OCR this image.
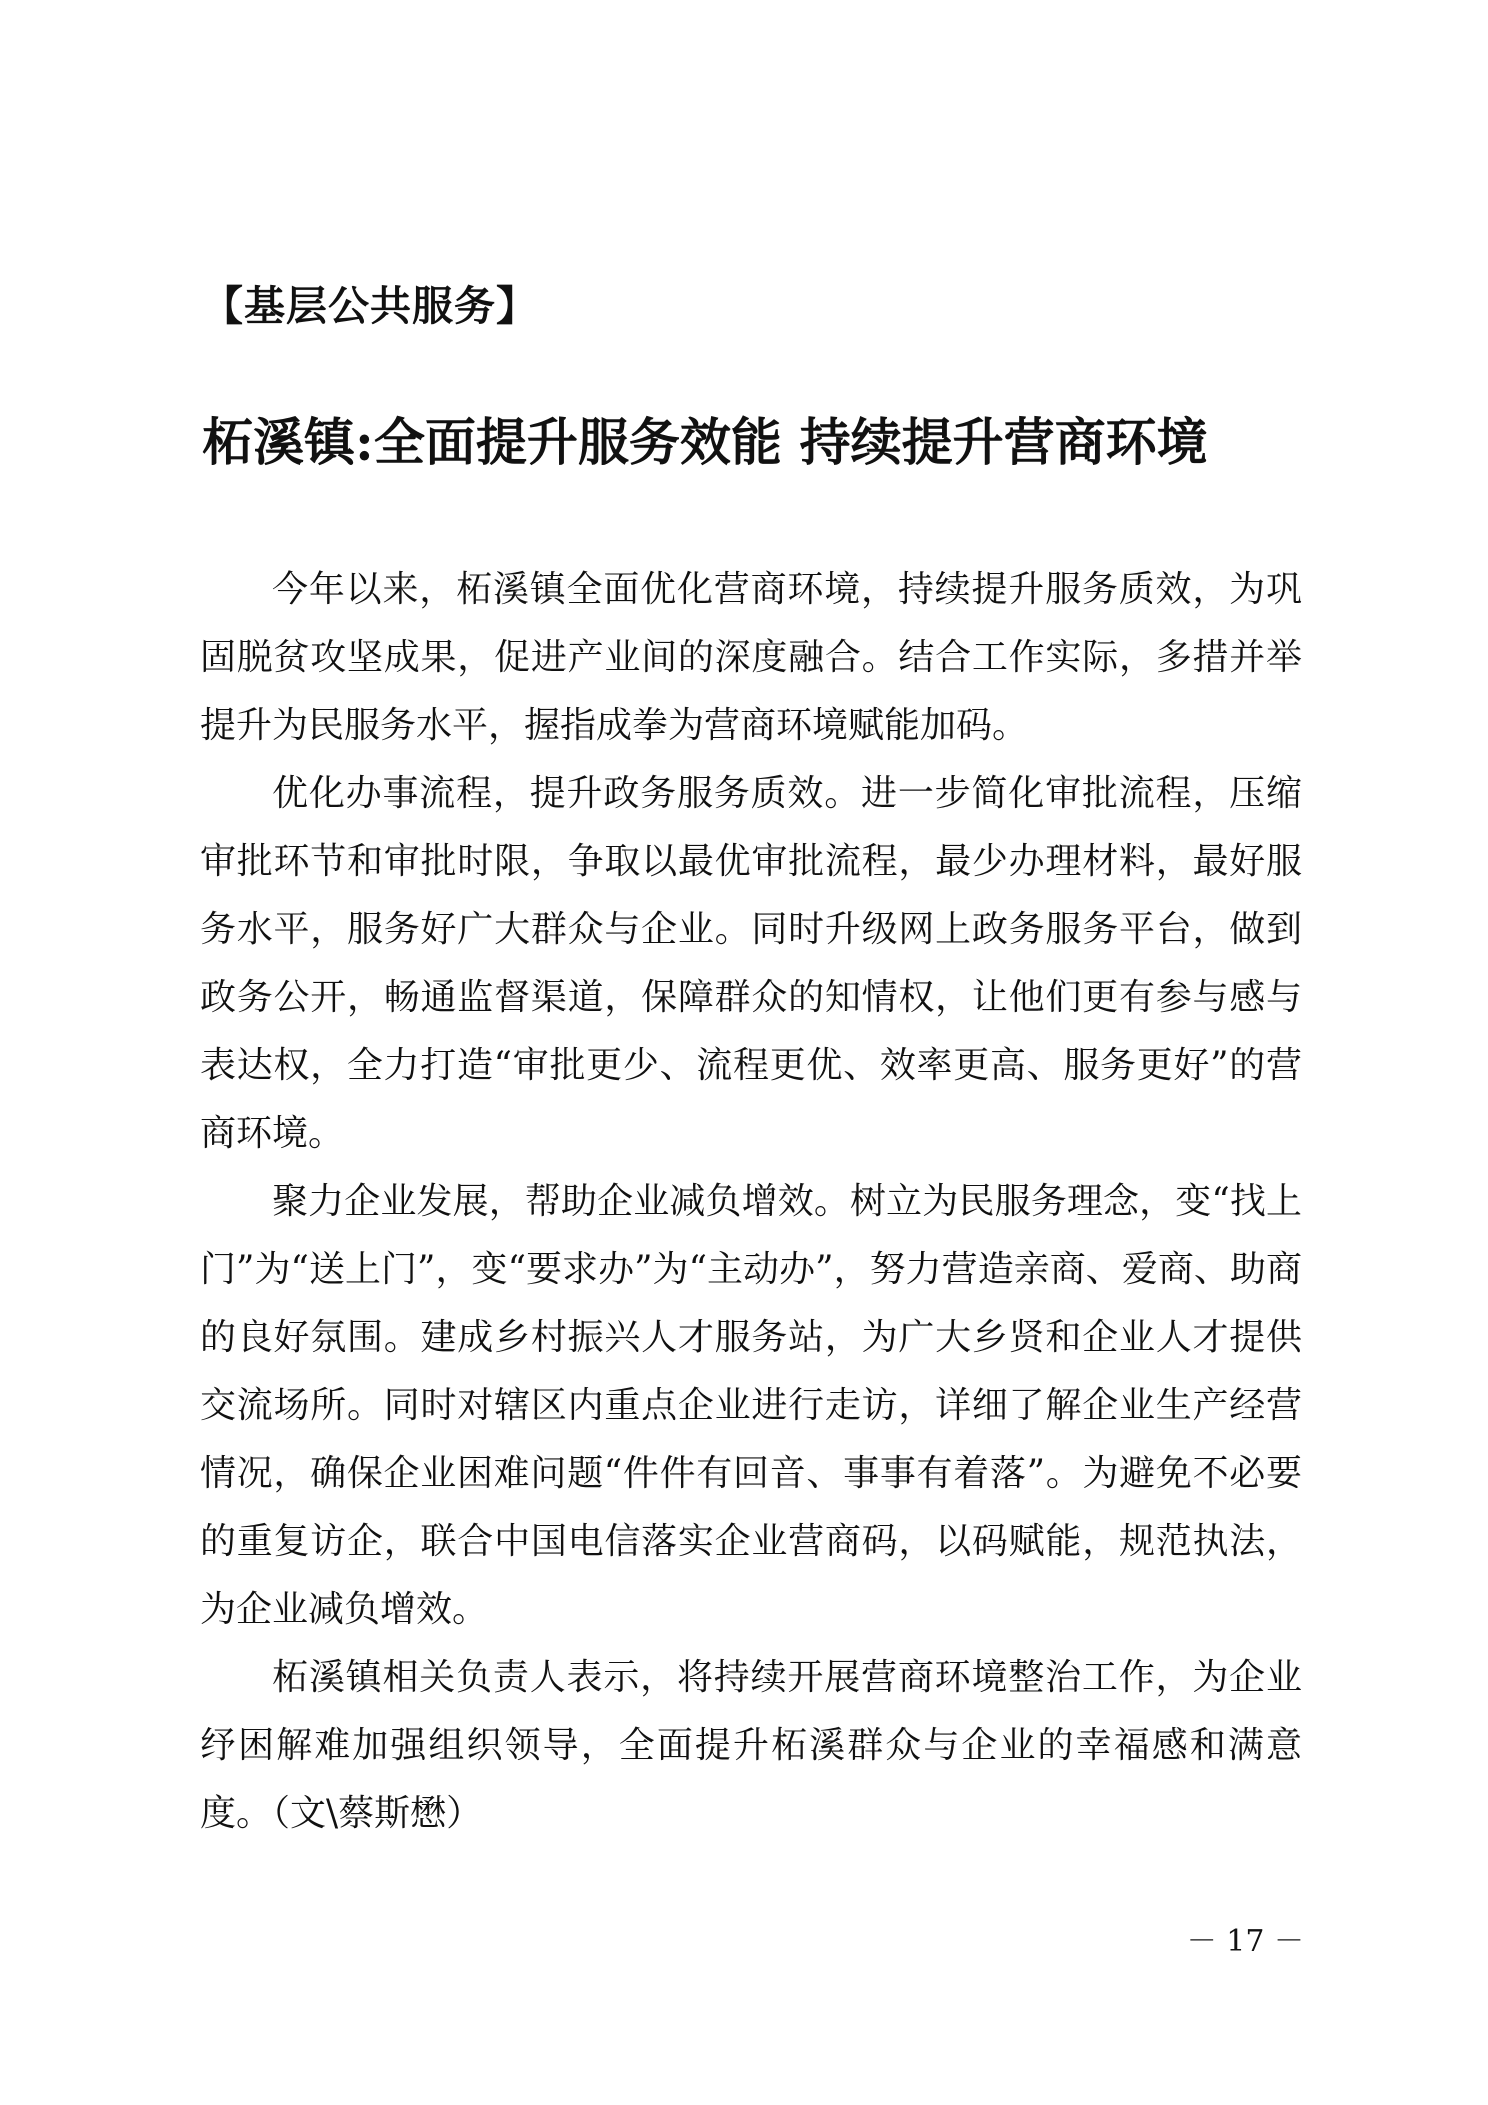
【基层公共服务】
柘溪镇:全面提升服务效能 持续提升营商环境

今年以来，柘溪镇全面优化营商环境，持续提升服务质效，为巩固脱贫攻坚成果，促进产业间的深度融合。结合工作实际，多措并举提升为民服务水平，握指成拳为营商环境赋能加码。

优化办事流程，提升政务服务质效。进一步简化审批流程，压缩审批环节和审批时限，争取以最优审批流程，最少办理材料，最好服务水平，服务好广大群众与企业。同时升级网上政务服务平台，做到政务公开，畅通监督渠道，保障群众的知情权，让他们更有参与感与表达权，全力打造“审批更少、流程更优、效率更高、服务更好”的营商环境。

聚力企业发展，帮助企业减负增效。树立为民服务理念，变“找上门”为“送上门”，变“要求办”为“主动办”，努力营造亲商、爱商、助商的良好氛围。建成乡村振兴人才服务站，为广大乡贤和企业人才提供交流场所。同时对辖区内重点企业进行走访，详细了解企业生产经营情况，确保企业困难问题“件件有回音、事事有着落”。为避免不必要的重复访企，联合中国电信落实企业营商码，以码赋能，规范执法，为企业减负增效。

柘溪镇相关负责人表示，将持续开展营商环境整治工作，为企业纾困解难加强组织领导，全面提升柘溪群众与企业的幸福感和满意度。（文\蔡斯懋）

－ 17 －
